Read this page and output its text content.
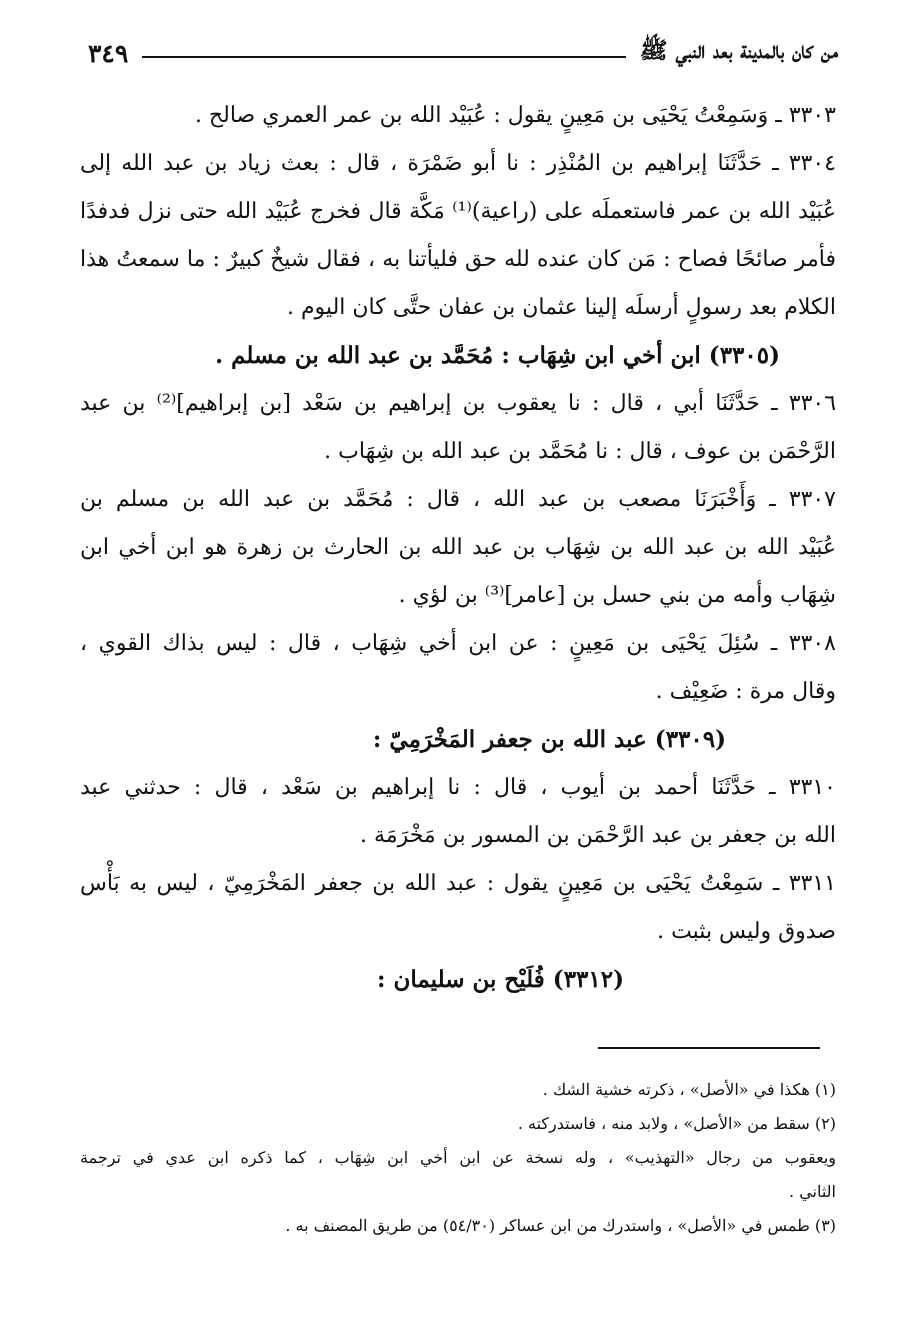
من كان بالمدينة بعد النبي ﷺ
٣٤٩
٣٣٠٣ ـ وَسَمِعْتُ يَحْيَى بن مَعِينٍ يقول : عُبَيْد الله بن عمر العمري صالح .
٣٣٠٤ ـ حَدَّثَنَا إبراهيم بن المُنْذِر : نا أبو ضَمْرَة ، قال : بعث زياد بن عبد الله إلى
عُبَيْد الله بن عمر فاستعملَه على (راعية)⁽¹⁾ مَكَّة قال فخرج عُبَيْد الله حتى نزل فدفدًا
فأمر صائحًا فصاح : مَن كان عنده لله حق فليأتنا به ، فقال شيخٌ كبيرٌ : ما سمعتُ هذا
الكلام بعد رسولٍ أرسلَه إلينا عثمان بن عفان حتَّى كان اليوم .
(٣٣٠٥) ابن أخي ابن شِهَاب : مُحَمَّد بن عبد الله بن مسلم .
٣٣٠٦ ـ حَدَّثَنَا أبي ، قال : نا يعقوب بن إبراهيم بن سَعْد [بن إبراهيم]⁽²⁾ بن عبد
الرَّحْمَن بن عوف ، قال : نا مُحَمَّد بن عبد الله بن شِهَاب .
٣٣٠٧ ـ وَأَخْبَرَنَا مصعب بن عبد الله ، قال : مُحَمَّد بن عبد الله بن مسلم بن
عُبَيْد الله بن عبد الله بن شِهَاب بن عبد الله بن الحارث بن زهرة هو ابن أخي ابن
شِهَاب وأمه من بني حسل بن [عامر]⁽³⁾ بن لؤي .
٣٣٠٨ ـ سُئِلَ يَحْيَى بن مَعِينٍ : عن ابن أخي شِهَاب ، قال : ليس بذاك القوي ،
وقال مرة : ضَعِيْف .
(٣٣٠٩) عبد الله بن جعفر المَخْرَمِيّ :
٣٣١٠ ـ حَدَّثَنَا أحمد بن أيوب ، قال : نا إبراهيم بن سَعْد ، قال : حدثني عبد
الله بن جعفر بن عبد الرَّحْمَن بن المسور بن مَخْرَمَة .
٣٣١١ ـ سَمِعْتُ يَحْيَى بن مَعِينٍ يقول : عبد الله بن جعفر المَخْرَمِيّ ، ليس به بَأْس
صدوق وليس بثبت .
(٣٣١٢) فُلَيْح بن سليمان :
(١) هكذا في «الأصل» ، ذكرته خشية الشك .
(٢) سقط من «الأصل» ، ولابد منه ، فاستدركته .
ويعقوب من رجال «التهذيب» ، وله نسخة عن ابن أخي ابن شِهَاب ، كما ذكره ابن عدي في ترجمة
الثاني .
(٣) طمس في «الأصل» ، واستدرك من ابن عساكر (٥٤/٣٠) من طريق المصنف به .
